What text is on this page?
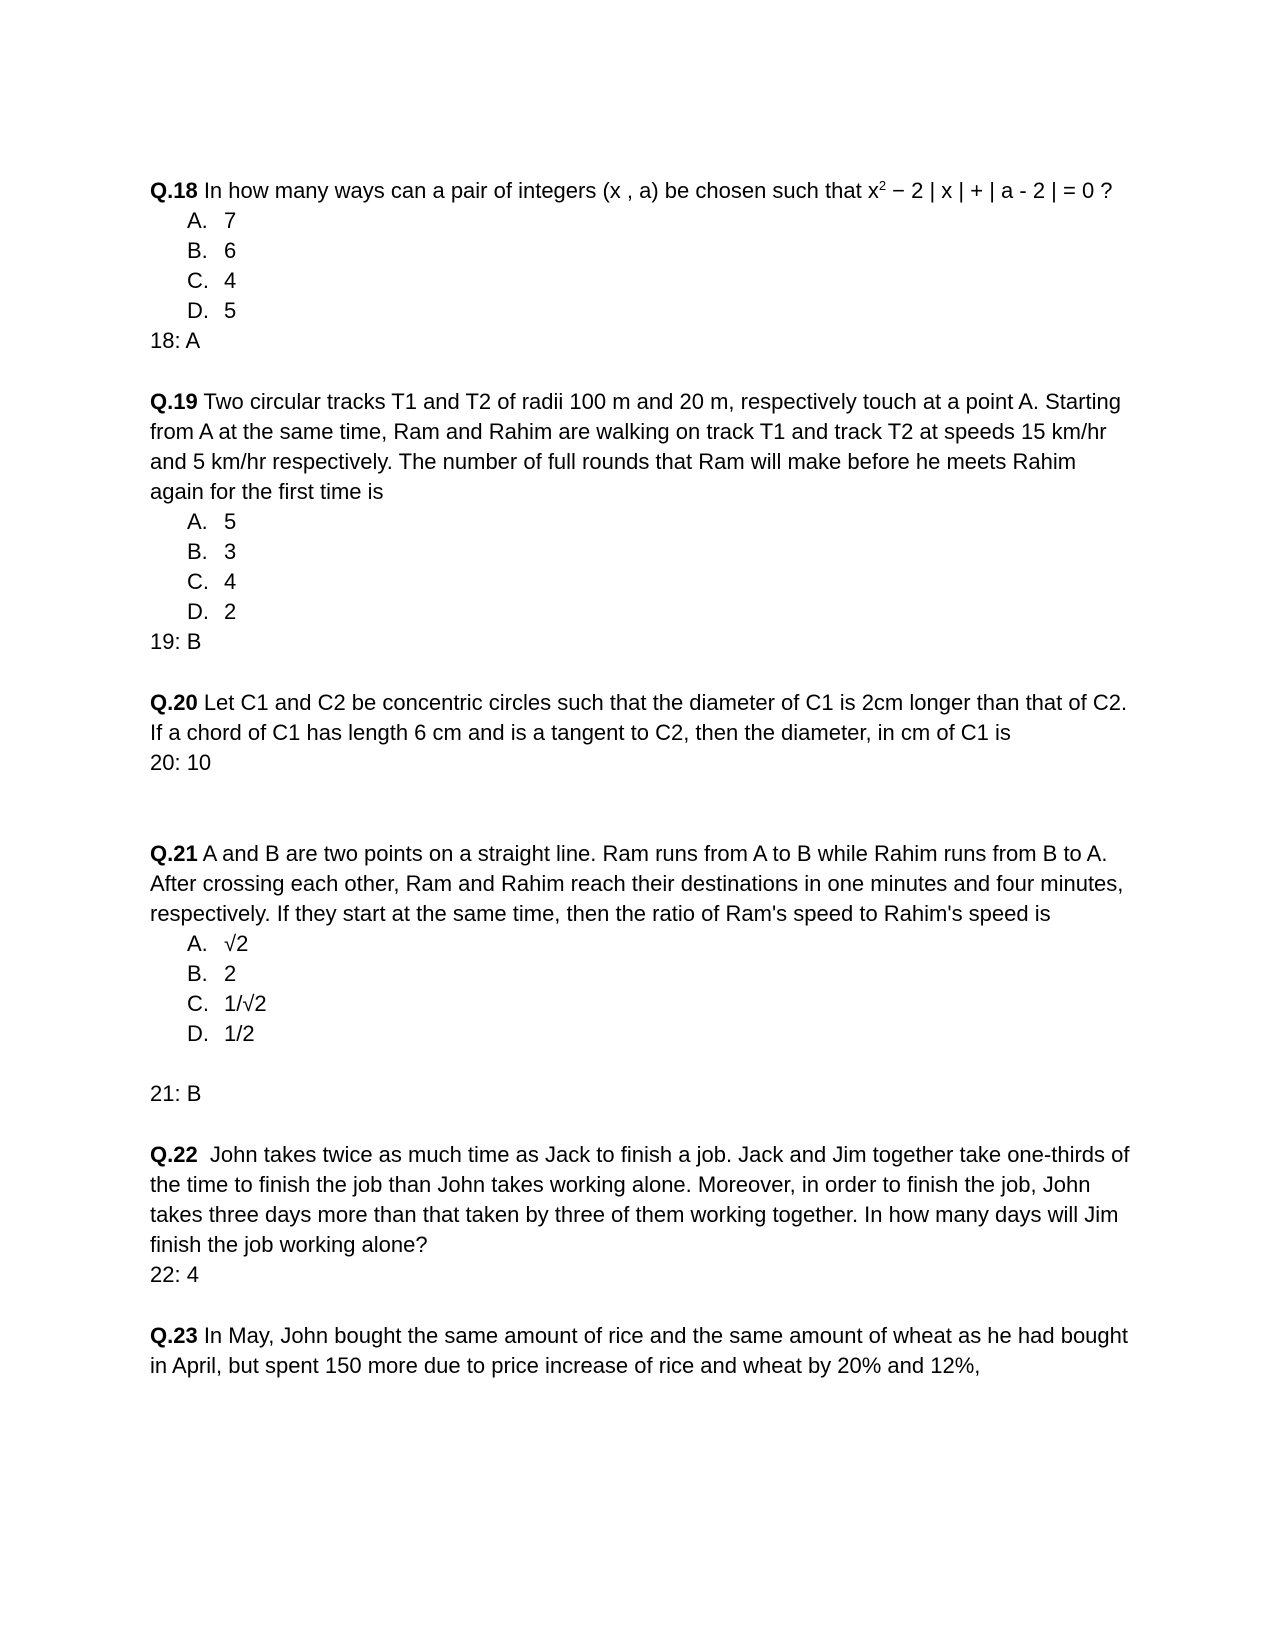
Q.18 In how many ways can a pair of integers (x , a) be chosen such that $x^2 - 2$ | x | + | a - 2 | = 0 ?

A. 7
B. 6
C. 4
D. 5

18: A

Q.19 Two circular tracks T1 and T2 of radii 100 m and 20 m, respectively touch at a point A. Starting from A at the same time, Ram and Rahim are walking on track T1 and track T2 at speeds 15 km/hr and 5 km/hr respectively. The number of full rounds that Ram will make before he meets Rahim again for the first time is

A. 5
B. 3
C. 4
D. 2

19: B

Q.20 Let C1 and C2 be concentric circles such that the diameter of C1 is 2cm longer than that of C2. If a chord of C1 has length 6 cm and is a tangent to C2, then the diameter, in cm of C1 is

20: 10

Q.21 A and B are two points on a straight line. Ram runs from A to B while Rahim runs from B to A. After crossing each other, Ram and Rahim reach their destinations in one minutes and four minutes, respectively. If they start at the same time, then the ratio of Ram's speed to Rahim's speed is

A. √2
B. 2
C. 1/√2
D. 1/2

21: B

Q.22  John takes twice as much time as Jack to finish a job. Jack and Jim together take one-thirds of the time to finish the job than John takes working alone. Moreover, in order to finish the job, John takes three days more than that taken by three of them working together. In how many days will Jim finish the job working alone?

22: 4

Q.23 In May, John bought the same amount of rice and the same amount of wheat as he had bought in April, but spent 150 more due to price increase of rice and wheat by 20% and 12%,
